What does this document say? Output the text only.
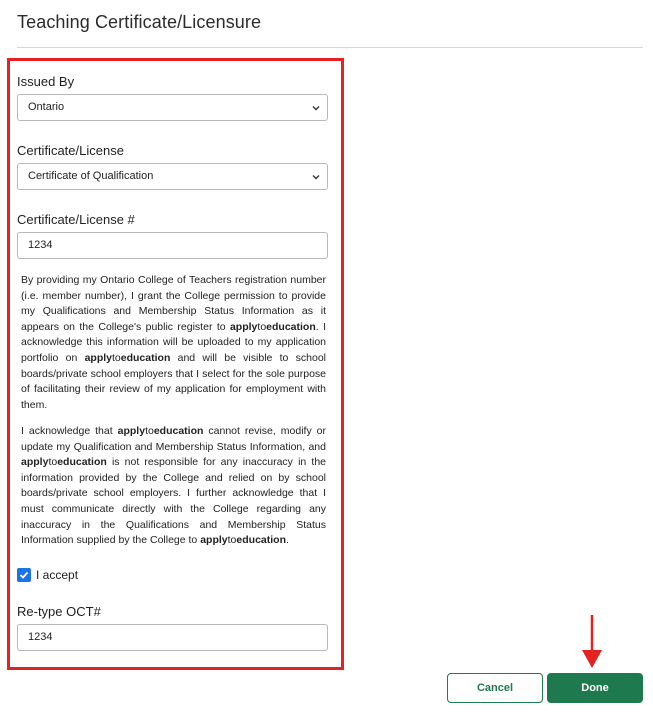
Teaching Certificate/Licensure
Issued By
Ontario
Certificate/License
Certificate of Qualification
Certificate/License #
1234

By providing my Ontario College of Teachers registration number (i.e. member number), I grant the College permission to provide my Qualifications and Membership Status Information as it appears on the College's public register to applytoeducation. I acknowledge this information will be uploaded to my application portfolio on applytoeducation and will be visible to school boards/private school employers that I select for the sole purpose of facilitating their review of my application for employment with them.

I acknowledge that applytoeducation cannot revise, modify or update my Qualification and Membership Status Information, and applytoeducation is not responsible for any inaccuracy in the information provided by the College and relied on by school boards/private school employers. I further acknowledge that I must communicate directly with the College regarding any inaccuracy in the Qualifications and Membership Status Information supplied by the College to applytoeducation.

I accept
Re-type OCT#
1234
Cancel	Done
